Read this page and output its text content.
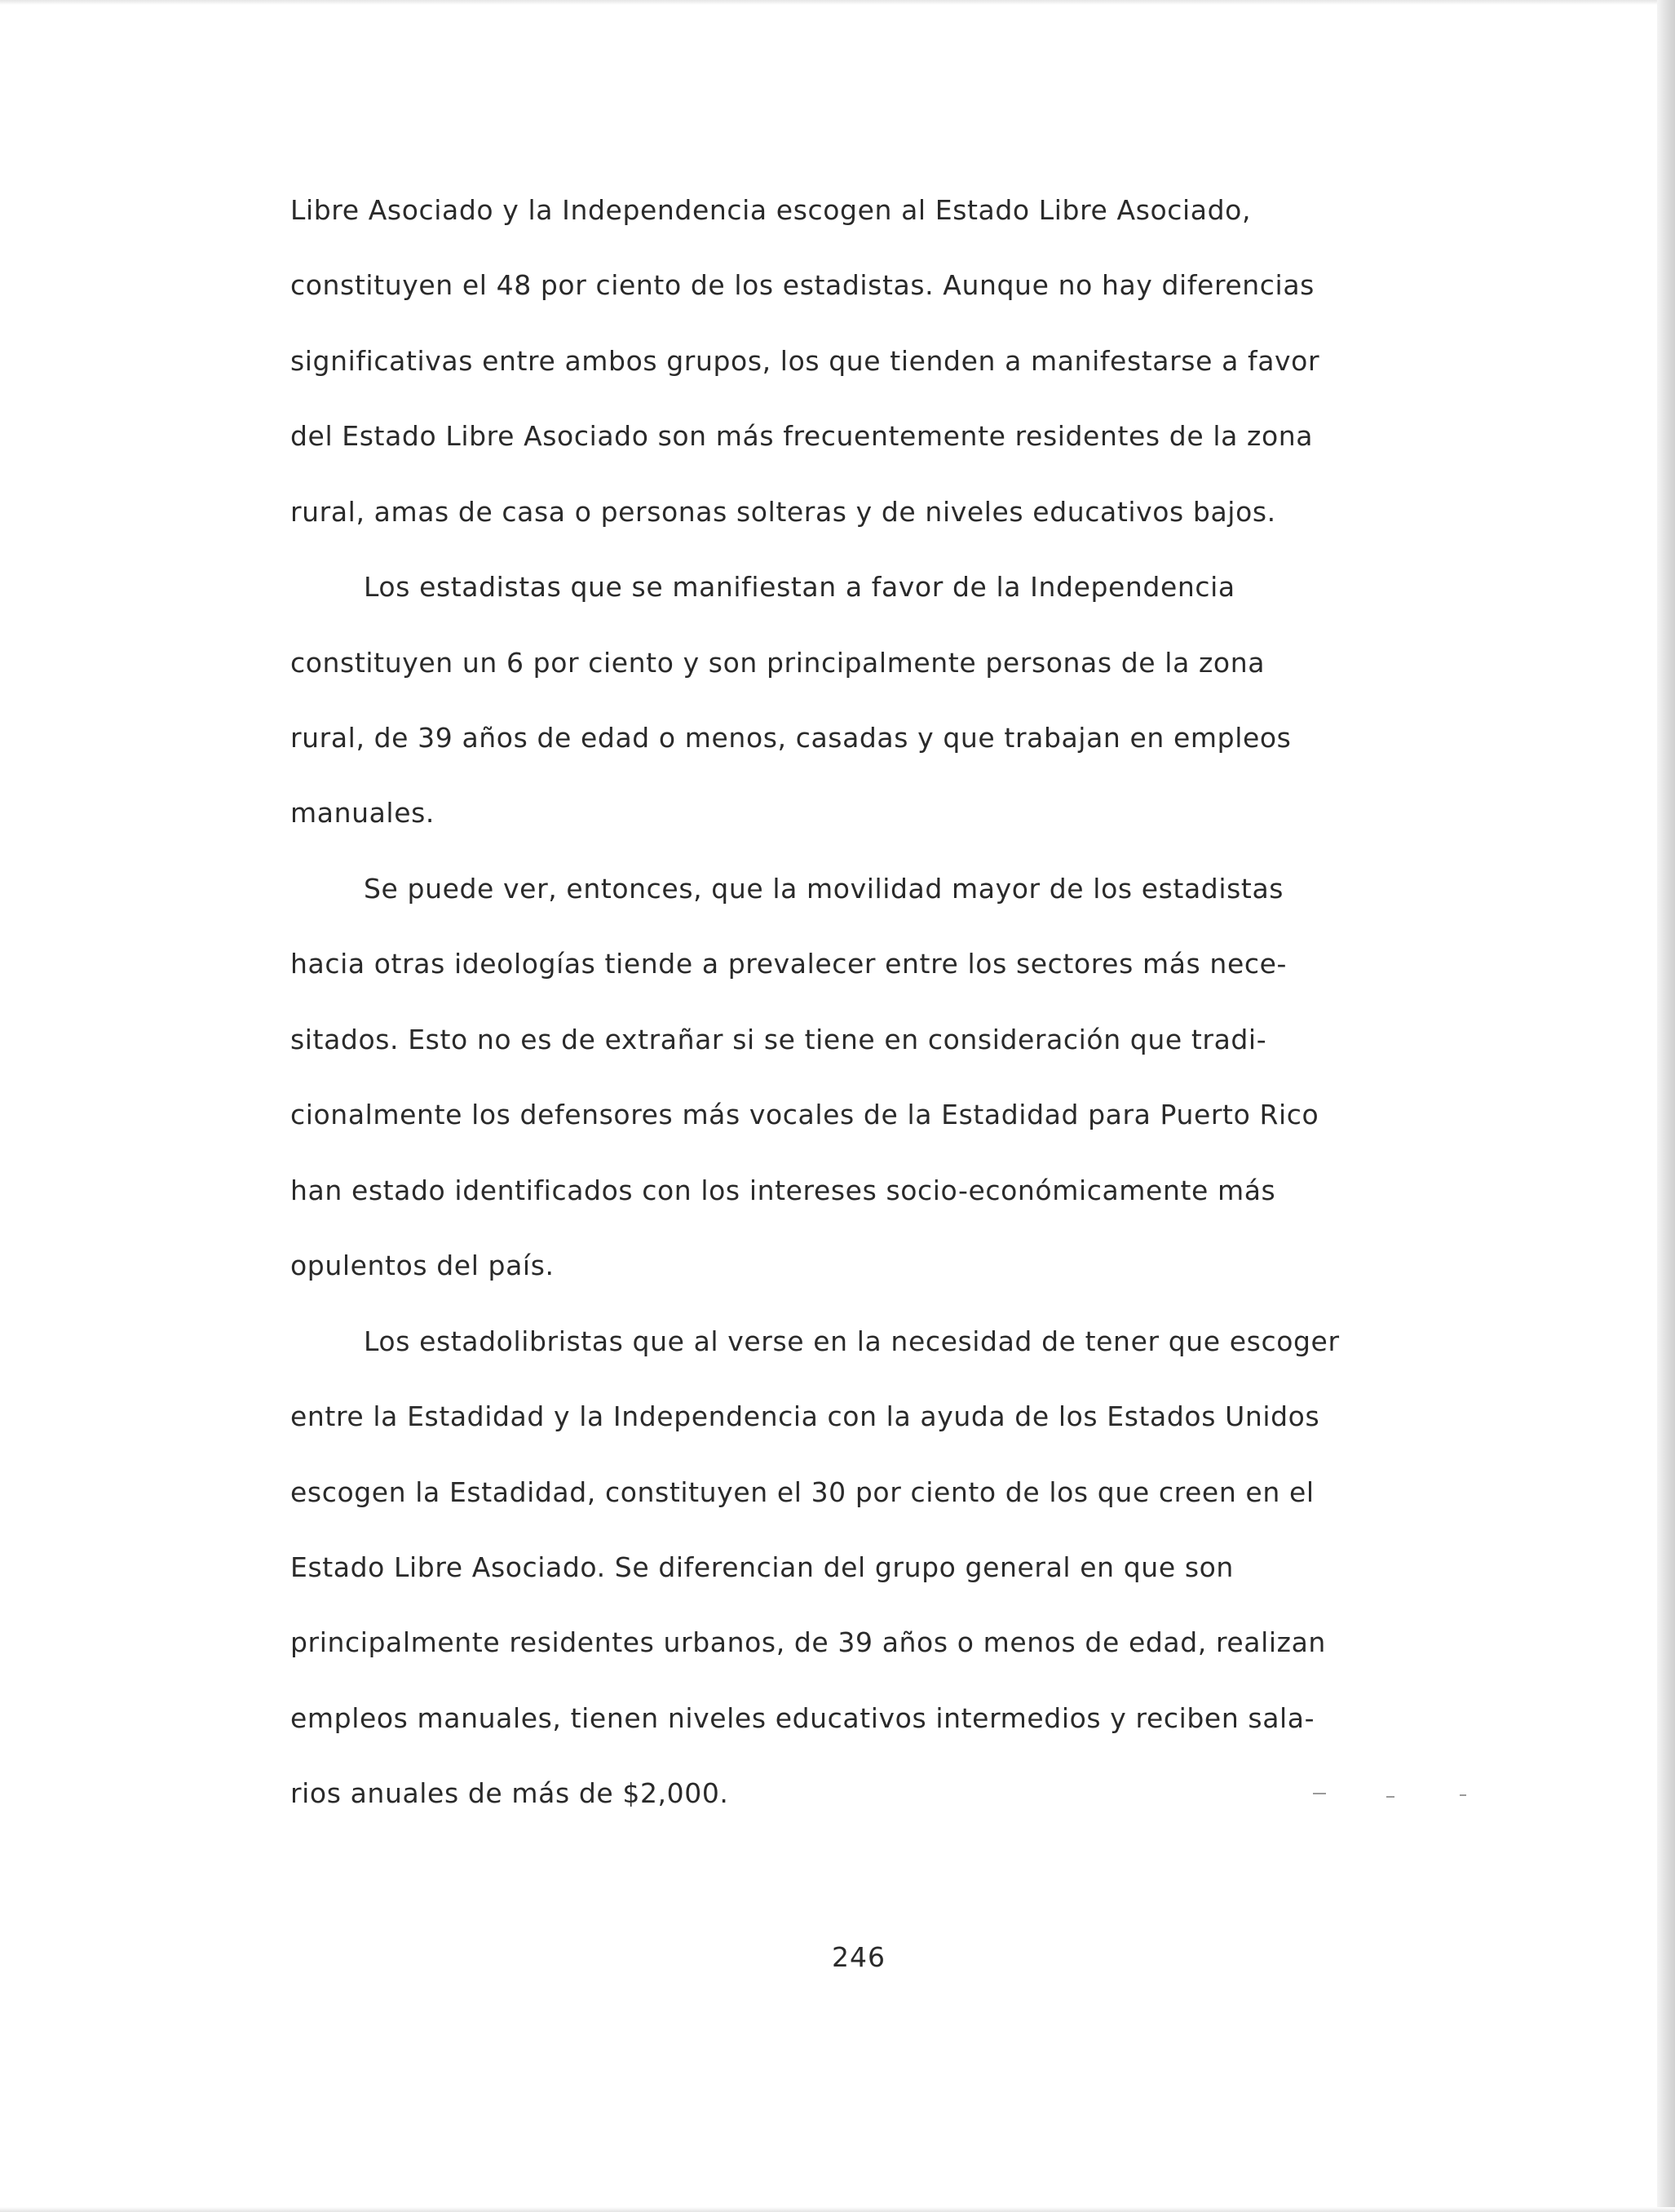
Libre Asociado y la Independencia escogen al Estado Libre Asociado,
constituyen el 48 por ciento de los estadistas. Aunque no hay diferencias
significativas entre ambos grupos, los que tienden a manifestarse a favor
del Estado Libre Asociado son más frecuentemente residentes de la zona
rural, amas de casa o personas solteras y de niveles educativos bajos.
Los estadistas que se manifiestan a favor de la Independencia
constituyen un 6 por ciento y son principalmente personas de la zona
rural, de 39 años de edad o menos, casadas y que trabajan en empleos
manuales.
Se puede ver, entonces, que la movilidad mayor de los estadistas
hacia otras ideologías tiende a prevalecer entre los sectores más nece-
sitados. Esto no es de extrañar si se tiene en consideración que tradi-
cionalmente los defensores más vocales de la Estadidad para Puerto Rico
han estado identificados con los intereses socio-económicamente más
opulentos del país.
Los estadolibristas que al verse en la necesidad de tener que escoger
entre la Estadidad y la Independencia con la ayuda de los Estados Unidos
escogen la Estadidad, constituyen el 30 por ciento de los que creen en el
Estado Libre Asociado. Se diferencian del grupo general en que son
principalmente residentes urbanos, de 39 años o menos de edad, realizan
empleos manuales, tienen niveles educativos intermedios y reciben sala-
rios anuales de más de $2,000.
246
